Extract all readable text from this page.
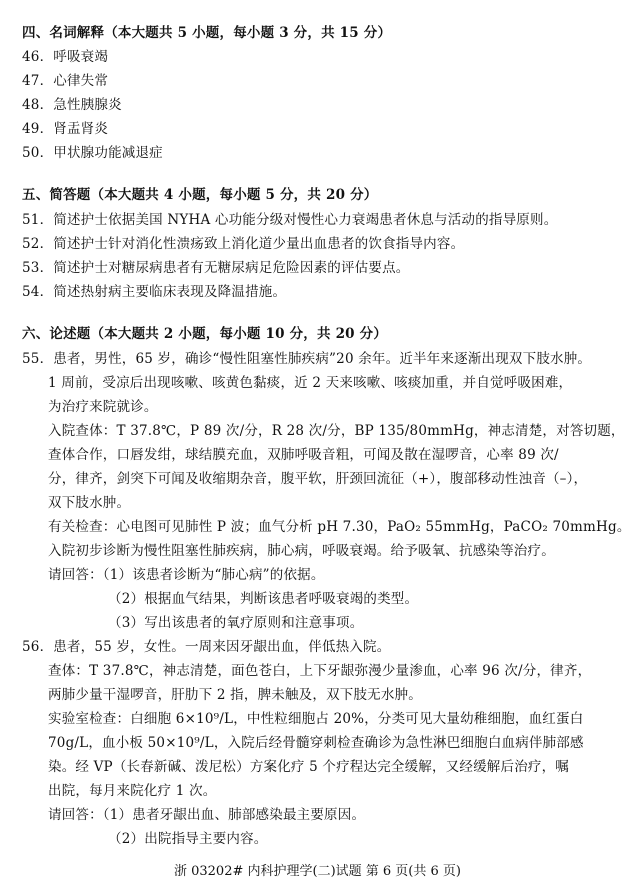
四、名词解释（本大题共 5 小题，每小题 3 分，共 15 分）
46．呼吸衰竭
47．心律失常
48．急性胰腺炎
49．肾盂肾炎
50．甲状腺功能减退症
五、简答题（本大题共 4 小题，每小题 5 分，共 20 分）
51．简述护士依据美国 NYHA 心功能分级对慢性心力衰竭患者休息与活动的指导原则。
52．简述护士针对消化性溃疡致上消化道少量出血患者的饮食指导内容。
53．简述护士对糖尿病患者有无糖尿病足危险因素的评估要点。
54．简述热射病主要临床表现及降温措施。
六、论述题（本大题共 2 小题，每小题 10 分，共 20 分）
55．患者，男性，65 岁，确诊“慢性阻塞性肺疾病”20 余年。近半年来逐渐出现双下肢水肿。
1 周前，受凉后出现咳嗽、咳黄色黏痰，近 2 天来咳嗽、咳痰加重，并自觉呼吸困难，
为治疗来院就诊。
入院查体：T 37.8℃，P 89 次/分，R 28 次/分，BP 135/80mmHg，神志清楚，对答切题，
查体合作，口唇发绀，球结膜充血，双肺呼吸音粗，可闻及散在湿啰音，心率 89 次/
分，律齐，剑突下可闻及收缩期杂音，腹平软，肝颈回流征（+），腹部移动性浊音（–），
双下肢水肿。
有关检查：心电图可见肺性 P 波；血气分析 pH 7.30，PaO₂ 55mmHg，PaCO₂ 70mmHg。
入院初步诊断为慢性阻塞性肺疾病，肺心病，呼吸衰竭。给予吸氧、抗感染等治疗。
请回答：（1）该患者诊断为“肺心病”的依据。
（2）根据血气结果，判断该患者呼吸衰竭的类型。
（3）写出该患者的氧疗原则和注意事项。
56．患者，55 岁，女性。一周来因牙龈出血，伴低热入院。
查体：T 37.8℃，神志清楚，面色苍白，上下牙龈弥漫少量渗血，心率 96 次/分，律齐，
两肺少量干湿啰音，肝肋下 2 指，脾未触及，双下肢无水肿。
实验室检查：白细胞 6×10⁹/L，中性粒细胞占 20%，分类可见大量幼稚细胞，血红蛋白
70g/L，血小板 50×10⁹/L，入院后经骨髓穿刺检查确诊为急性淋巴细胞白血病伴肺部感
染。经 VP（长春新碱、泼尼松）方案化疗 5 个疗程达完全缓解，又经缓解后治疗，嘱
出院，每月来院化疗 1 次。
请回答：（1）患者牙龈出血、肺部感染最主要原因。
（2）出院指导主要内容。
浙 03202# 内科护理学(二)试题 第 6 页(共 6 页)
